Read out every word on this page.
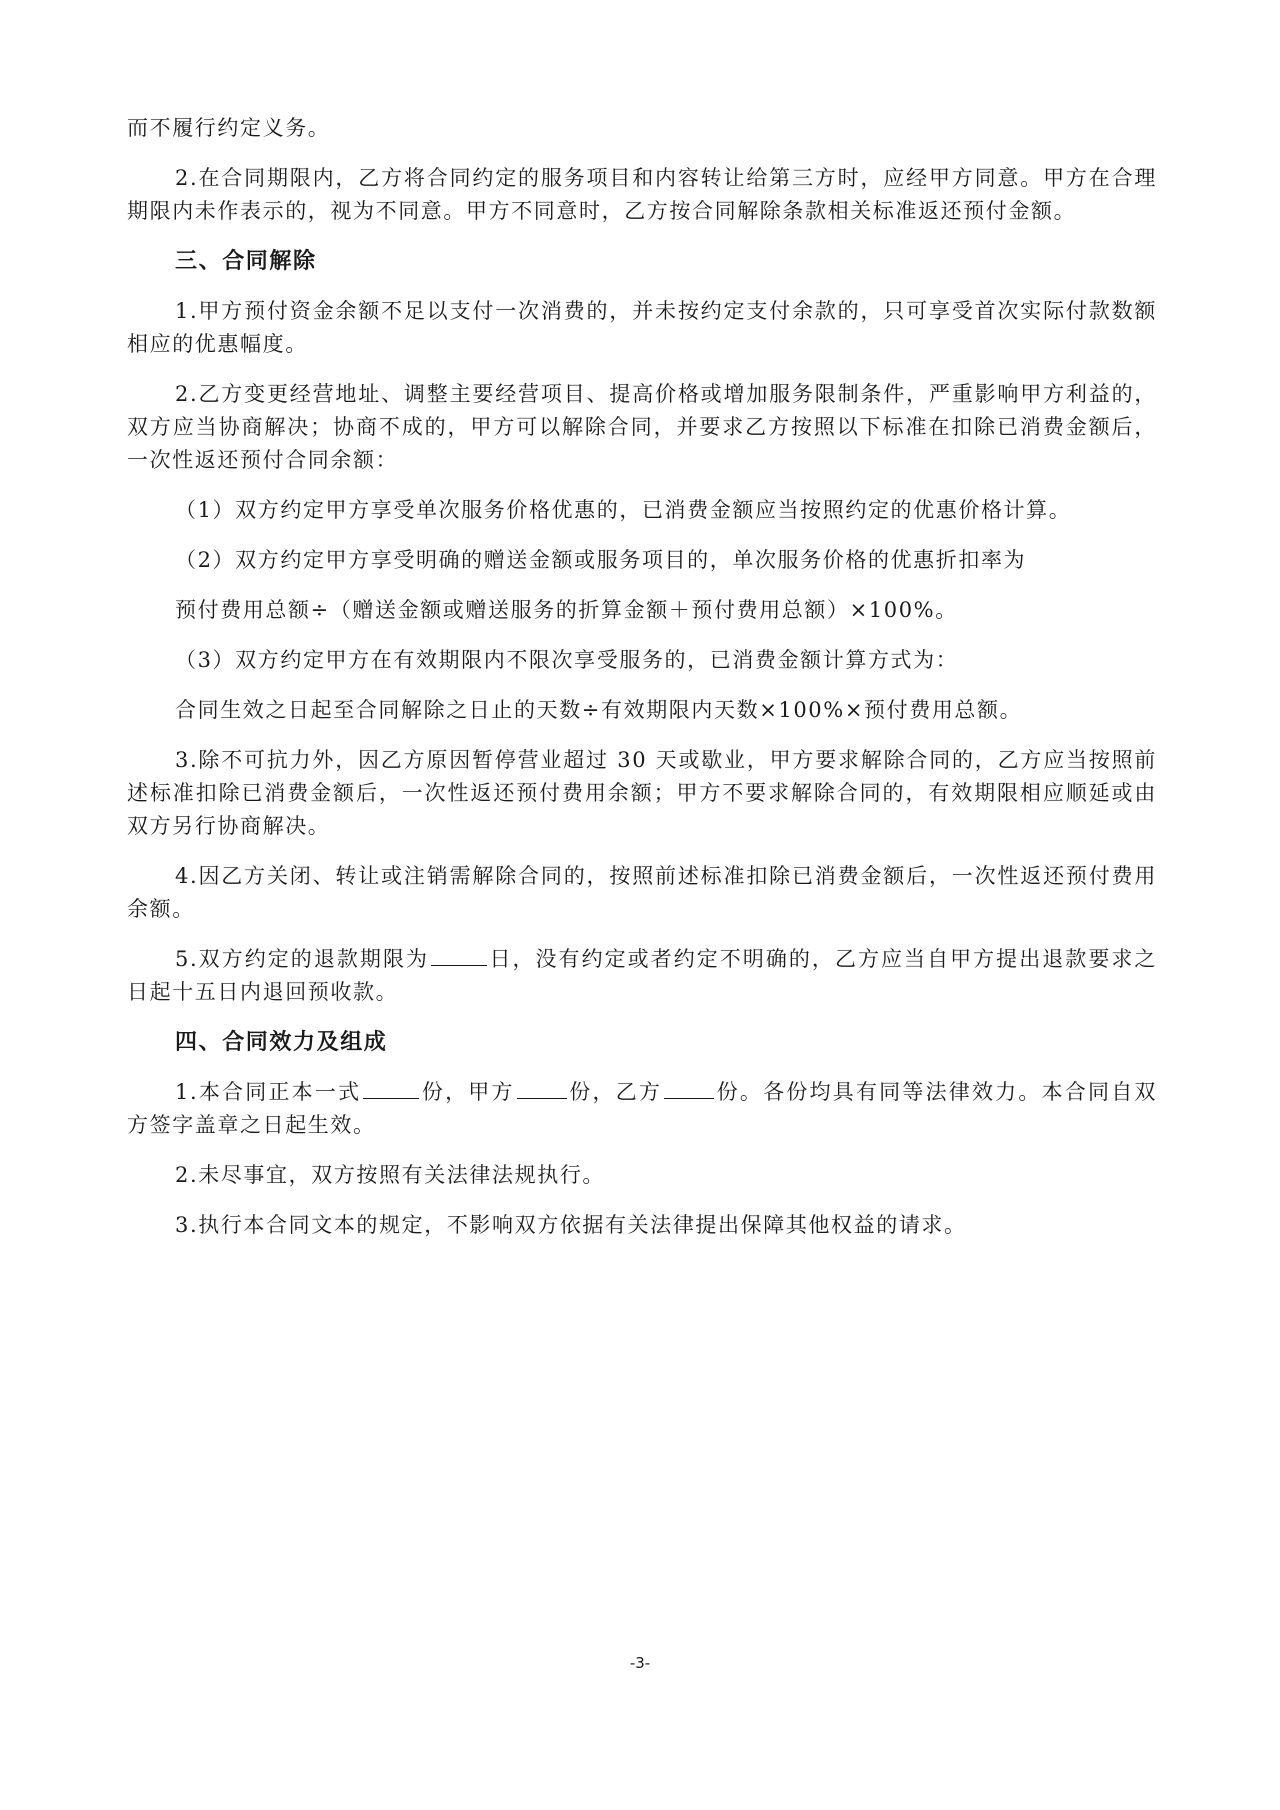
而不履行约定义务。

2.在合同期限内，乙方将合同约定的服务项目和内容转让给第三方时，应经甲方同意。甲方在合理期限内未作表示的，视为不同意。甲方不同意时，乙方按合同解除条款相关标准返还预付金额。

三、合同解除

1.甲方预付资金余额不足以支付一次消费的，并未按约定支付余款的，只可享受首次实际付款数额相应的优惠幅度。

2.乙方变更经营地址、调整主要经营项目、提高价格或增加服务限制条件，严重影响甲方利益的，双方应当协商解决；协商不成的，甲方可以解除合同，并要求乙方按照以下标准在扣除已消费金额后，一次性返还预付合同余额：

（1）双方约定甲方享受单次服务价格优惠的，已消费金额应当按照约定的优惠价格计算。

（2）双方约定甲方享受明确的赠送金额或服务项目的，单次服务价格的优惠折扣率为

预付费用总额÷（赠送金额或赠送服务的折算金额＋预付费用总额）×100%。

（3）双方约定甲方在有效期限内不限次享受服务的，已消费金额计算方式为：

合同生效之日起至合同解除之日止的天数÷有效期限内天数×100%×预付费用总额。

3.除不可抗力外，因乙方原因暂停营业超过 30 天或歇业，甲方要求解除合同的，乙方应当按照前述标准扣除已消费金额后，一次性返还预付费用余额；甲方不要求解除合同的，有效期限相应顺延或由双方另行协商解决。

4.因乙方关闭、转让或注销需解除合同的，按照前述标准扣除已消费金额后，一次性返还预付费用余额。

5.双方约定的退款期限为	日，没有约定或者约定不明确的，乙方应当自甲方提出退款要求之日起十五日内退回预收款。

四、合同效力及组成

1.本合同正本一式	份，甲方	份，乙方	份。各份均具有同等法律效力。本合同自双方签字盖章之日起生效。

2.未尽事宜，双方按照有关法律法规执行。

3.执行本合同文本的规定，不影响双方依据有关法律提出保障其他权益的请求。

-3-
